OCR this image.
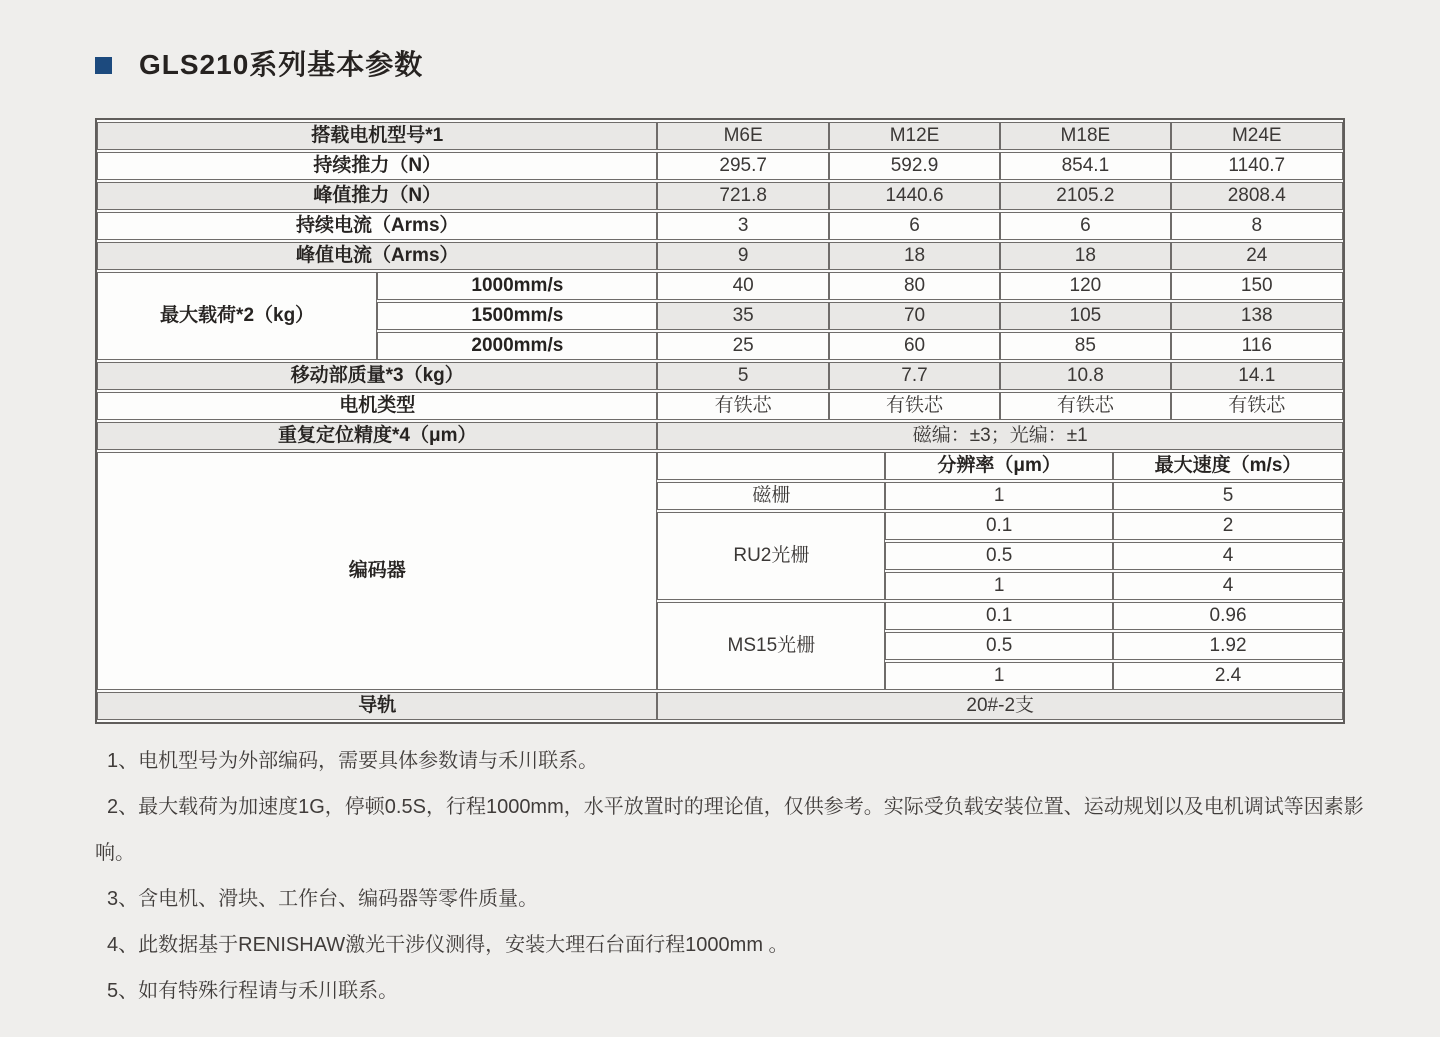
GLS210系列基本参数
搭载电机型号*1		M6E	M12E		M18E		M24E
持续推力（N）		295.7	592.9		854.1		1140.7
峰值推力（N）		721.8	1440.6		2105.2		2808.4
持续电流（Arms）		3	6		6		8
峰值电流（Arms）		9	18		18		24
最大载荷*2（kg）	1000mm/s	40	80		120		150
	1500mm/s	35	70		105		138
	2000mm/s	25	60		85		116
移动部质量*3（kg）		5	7.7		10.8		14.1
电机类型		有铁芯	有铁芯		有铁芯		有铁芯
重复定位精度*4（μm）		磁编：±3；光编：±1					
编码器				分辨率（μm）		最大速度（m/s）	
		磁栅		1		5	
		RU2光栅		0.1		2	
				0.5		4	
				1		4	
		MS15光栅		0.1		0.96	
				0.5		1.92	
				1		2.4	
导轨		20#-2支					
1、电机型号为外部编码，需要具体参数请与禾川联系。
2、最大载荷为加速度1G，停顿0.5S，行程1000mm，水平放置时的理论值，仅供参考。实际受负载安装位置、运动规划以及电机调试等因素影响。
3、含电机、滑块、工作台、编码器等零件质量。
4、此数据基于RENISHAW激光干涉仪测得，安装大理石台面行程1000mm 。
5、如有特殊行程请与禾川联系。
